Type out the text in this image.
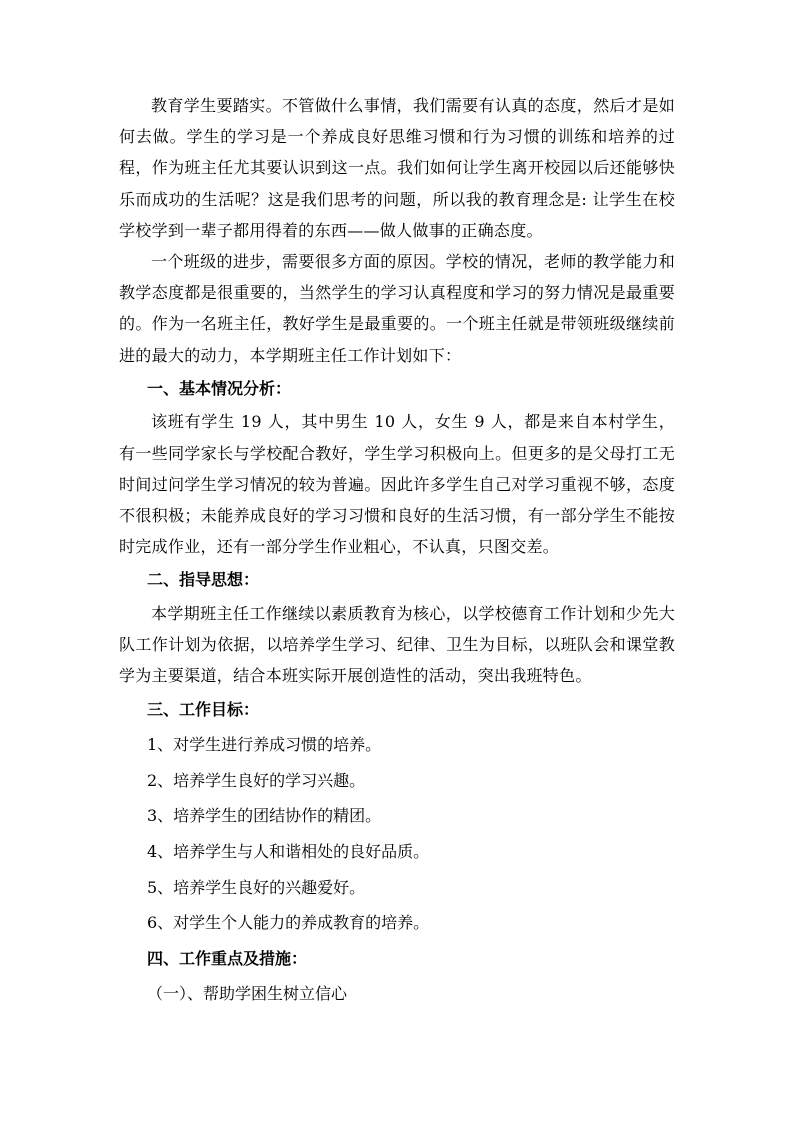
教育学生要踏实。不管做什么事情，我们需要有认真的态度，然后才是如何去做。学生的学习是一个养成良好思维习惯和行为习惯的训练和培养的过程，作为班主任尤其要认识到这一点。我们如何让学生离开校园以后还能够快乐而成功的生活呢？这是我们思考的问题，所以我的教育理念是: 让学生在校学校学到一辈子都用得着的东西——做人做事的正确态度。

一个班级的进步，需要很多方面的原因。学校的情况，老师的教学能力和教学态度都是很重要的，当然学生的学习认真程度和学习的努力情况是最重要的。作为一名班主任，教好学生是最重要的。一个班主任就是带领班级继续前进的最大的动力，本学期班主任工作计划如下：

一、基本情况分析：

该班有学生 19 人，其中男生 10 人，女生 9 人，都是来自本村学生，有一些同学家长与学校配合教好，学生学习积极向上。但更多的是父母打工无时间过问学生学习情况的较为普遍。因此许多学生自己对学习重视不够，态度不很积极；未能养成良好的学习习惯和良好的生活习惯，有一部分学生不能按时完成作业，还有一部分学生作业粗心，不认真，只图交差。

二、指导思想：

本学期班主任工作继续以素质教育为核心，以学校德育工作计划和少先大队工作计划为依据，以培养学生学习、纪律、卫生为目标，以班队会和课堂教学为主要渠道，结合本班实际开展创造性的活动，突出我班特色。

三、工作目标：

1、对学生进行养成习惯的培养。

2、培养学生良好的学习兴趣。

3、培养学生的团结协作的精团。

4、培养学生与人和谐相处的良好品质。

5、培养学生良好的兴趣爱好。

6、对学生个人能力的养成教育的培养。

四、工作重点及措施：

（一）、帮助学困生树立信心
